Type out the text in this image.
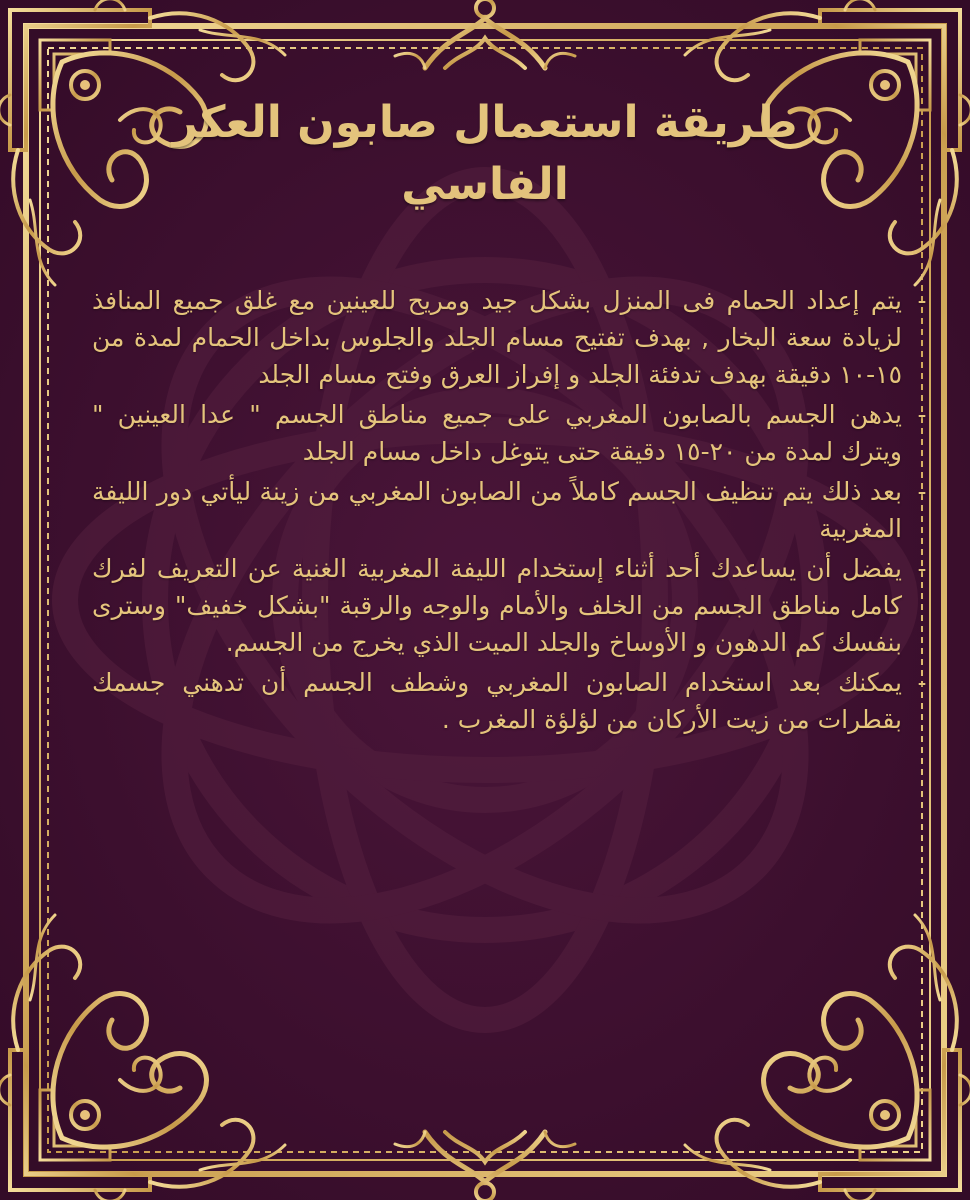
طريقة استعمال صابون العكر الفاسي
-
يتم إعداد الحمام فى المنزل بشكل جيد ومريح للعينين مع غلق جميع المنافذ لزيادة سعة البخار , بهدف تفتيح مسام الجلد والجلوس بداخل الحمام لمدة من ١٥-١٠ دقيقة بهدف تدفئة الجلد و إفراز العرق وفتح مسام الجلد
-
يدهن الجسم بالصابون المغربي على جميع مناطق الجسم " عدا العينين " ويترك لمدة من ٢٠-١٥ دقيقة حتى يتوغل داخل مسام الجلد
-
بعد ذلك يتم تنظيف الجسم كاملاً من الصابون المغربي من زينة ليأتي دور الليفة المغربية
-
يفضل أن يساعدك أحد أثناء إستخدام الليفة المغربية الغنية عن التعريف لفرك كامل مناطق الجسم من الخلف والأمام والوجه والرقبة "بشكل خفيف" وسترى بنفسك كم الدهون و الأوساخ والجلد الميت الذي يخرج من الجسم.
-
يمكنك بعد استخدام الصابون المغربي وشطف الجسم أن تدهني جسمك بقطرات من زيت الأركان من لؤلؤة المغرب .
